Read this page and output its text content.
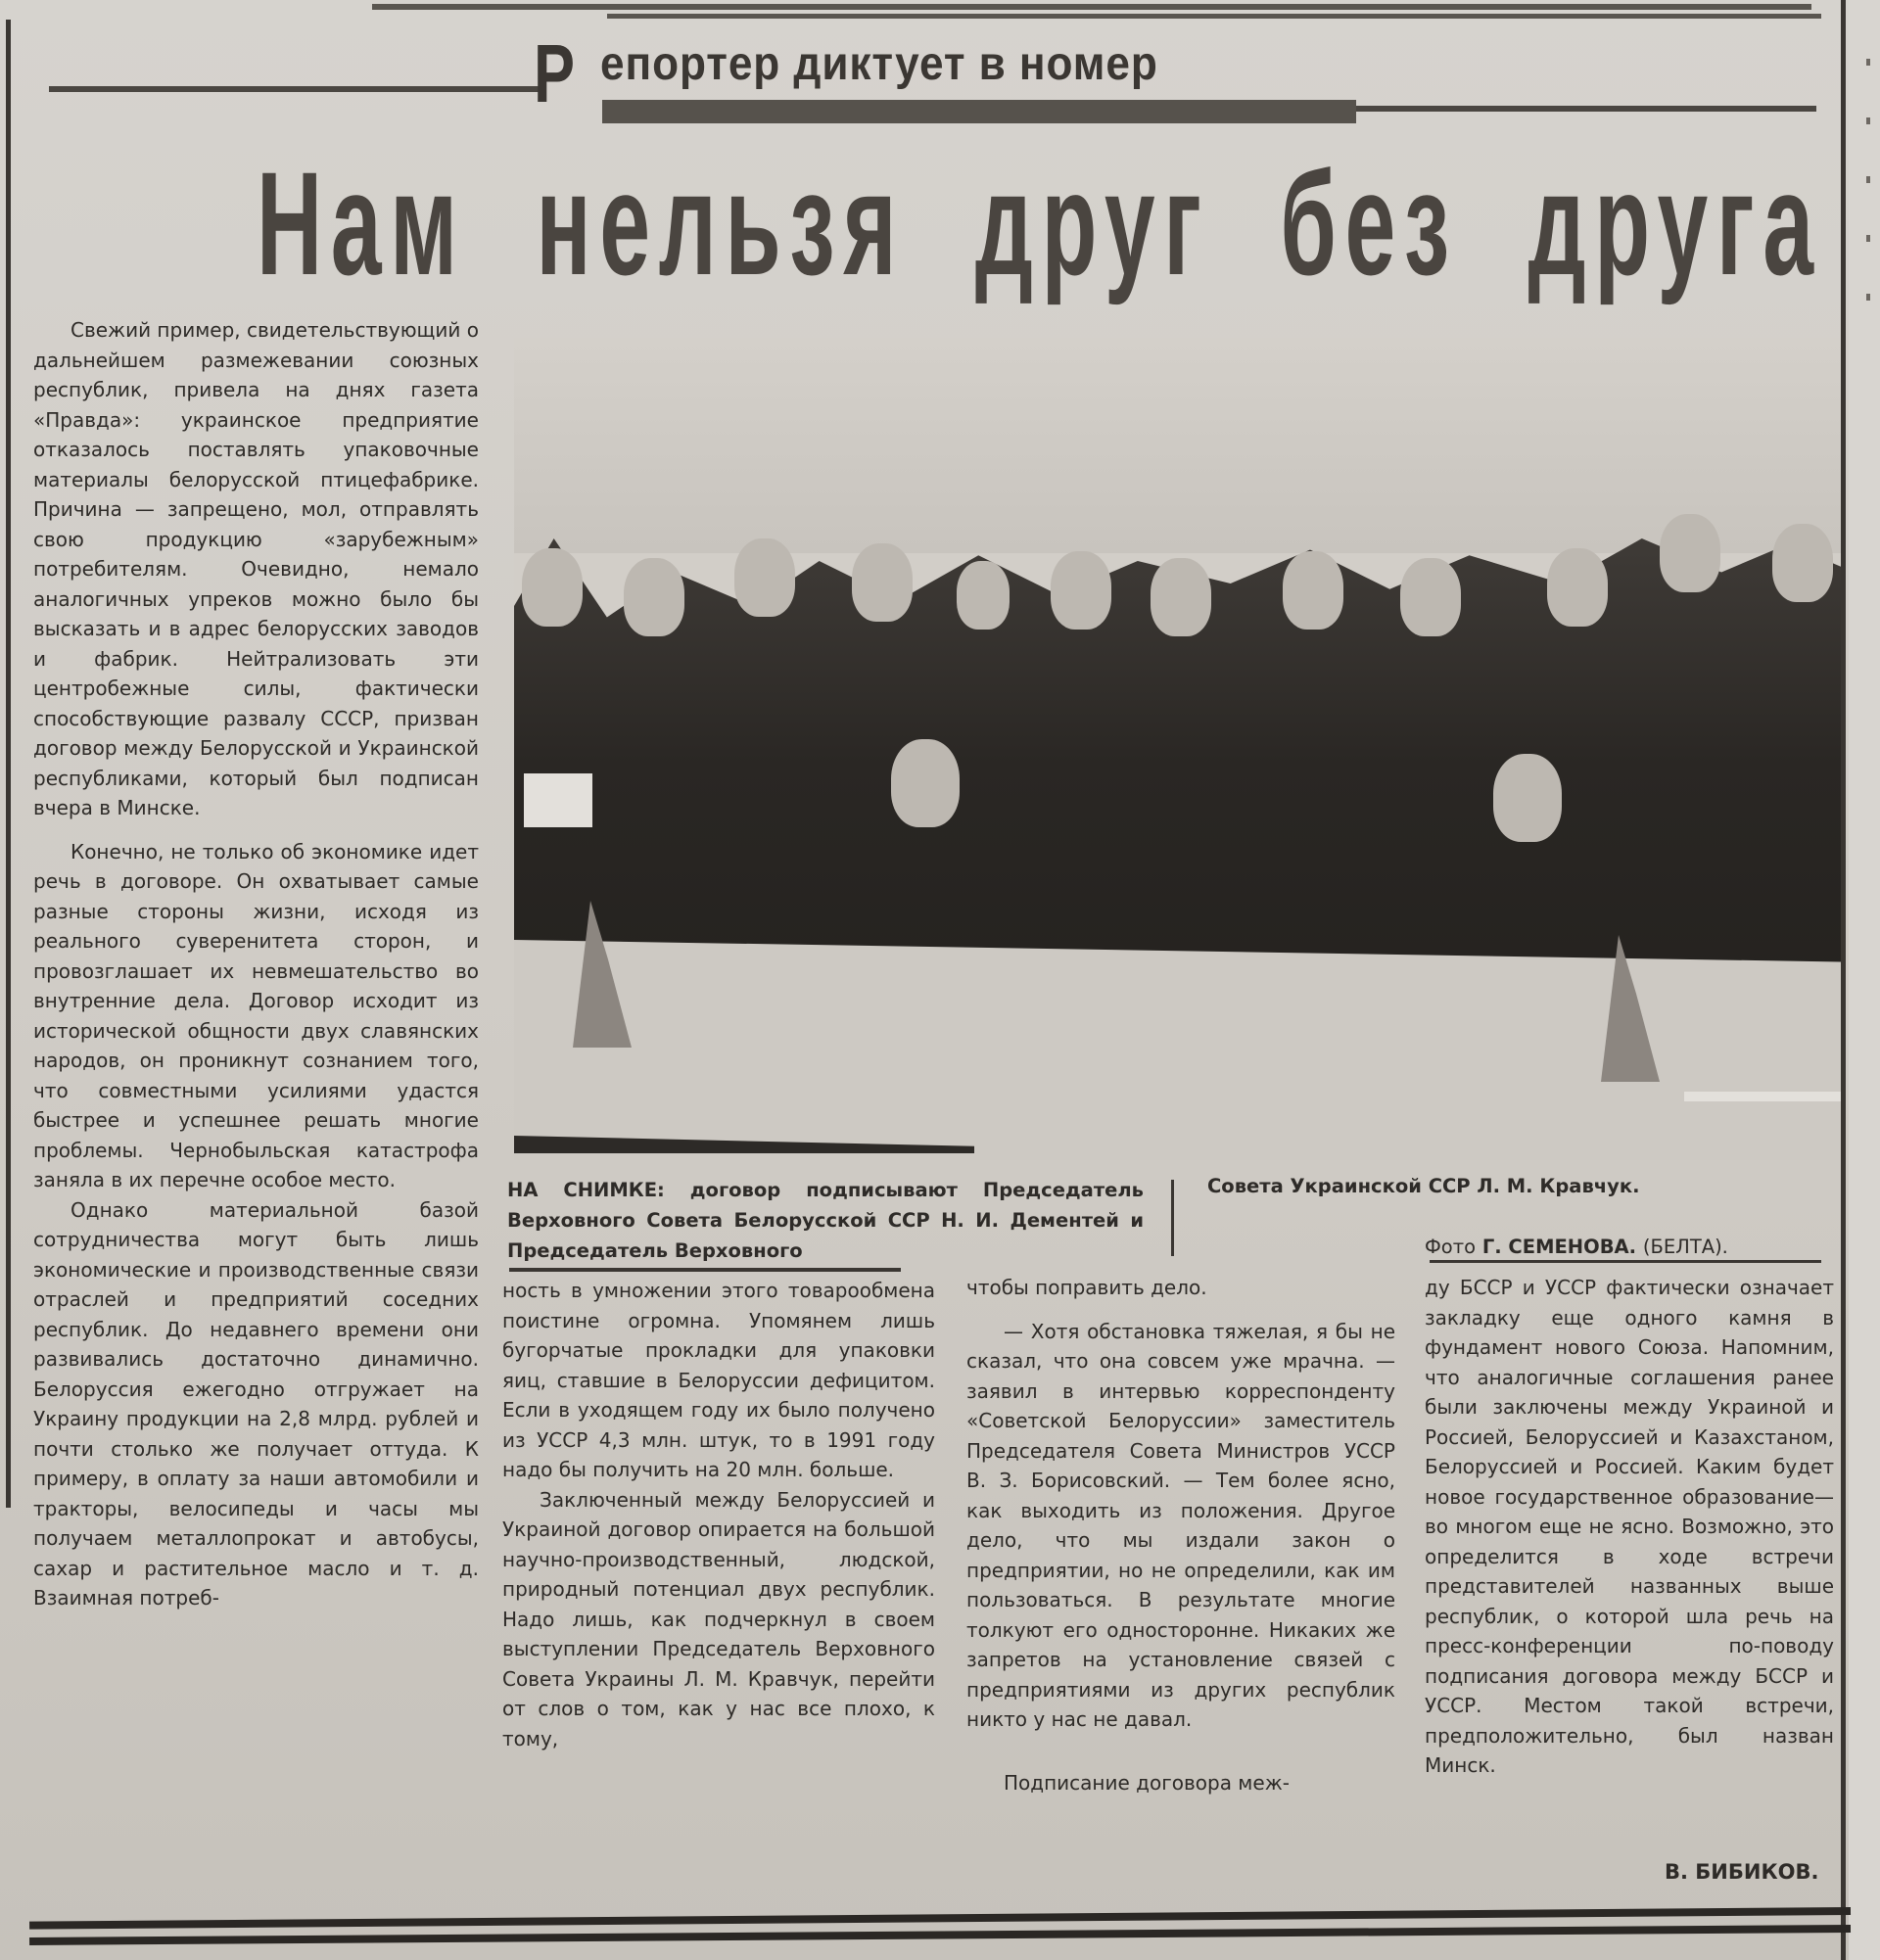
Р епортер диктует в номер
Нам нельзя друг без друга

Свежий пример, свидетельствующий о дальнейшем размежевании союзных республик, привела на днях газета «Правда»: украинское предприятие отказалось поставлять упаковочные материалы белорусской птицефабрике. Причина — запрещено, мол, отправлять свою продукцию «зарубежным» потребителям. Очевидно, немало аналогичных упреков можно было бы высказать и в адрес белорусских заводов и фабрик. Нейтрализовать эти центробежные силы, фактически способствующие развалу СССР, призван договор между Белорусской и Украинской республиками, который был подписан вчера в Минске.

Конечно, не только об экономике идет речь в договоре. Он охватывает самые разные стороны жизни, исходя из реального суверенитета сторон, и провозглашает их невмешательство во внутренние дела. Договор исходит из исторической общности двух славянских народов, он проникнут сознанием того, что совместными усилиями удастся быстрее и успешнее решать многие проблемы. Чернобыльская катастрофа заняла в их перечне особое место.

Однако материальной базой сотрудничества могут быть лишь экономические и производственные связи отраслей и предприятий соседних республик. До недавнего времени они развивались достаточно динамично. Белоруссия ежегодно отгружает на Украину продукции на 2,8 млрд. рублей и почти столько же получает оттуда. К примеру, в оплату за наши автомобили и тракторы, велосипеды и часы мы получаем металлопрокат и автобусы, сахар и растительное масло и т. д. Взаимная потреб-

НА СНИМКЕ: договор подписывают Председатель Верховного Совета Белорусской ССР Н. И. Дементей и Председатель Верховного
Совета Украинской ССР Л. М. Кравчук.
Фото Г. СЕМЕНОВА. (БЕЛТА).

ность в умножении этого товарообмена поистине огромна. Упомянем лишь бугорчатые прокладки для упаковки яиц, ставшие в Белоруссии дефицитом. Если в уходящем году их было получено из УССР 4,3 млн. штук, то в 1991 году надо бы получить на 20 млн. больше.

Заключенный между Белоруссией и Украиной договор опирается на большой научно-производственный, людской, природный потенциал двух республик. Надо лишь, как подчеркнул в своем выступлении Председатель Верховного Совета Украины Л. М. Кравчук, перейти от слов о том, как у нас все плохо, к тому,

чтобы поправить дело.

— Хотя обстановка тяжелая, я бы не сказал, что она совсем уже мрачна. — заявил в интервью корреспонденту «Советской Белоруссии» заместитель Председателя Совета Министров УССР В. З. Борисовский. — Тем более ясно, как выходить из положения. Другое дело, что мы издали закон о предприятии, но не определили, как им пользоваться. В результате многие толкуют его односторонне. Никаких же запретов на установление связей с предприятиями из других республик никто у нас не давал.

Подписание договора меж-

ду БССР и УССР фактически означает закладку еще одного камня в фундамент нового Союза. Напомним, что аналогичные соглашения ранее были заключены между Украиной и Россией, Белоруссией и Казахстаном, Белоруссией и Россией. Каким будет новое государственное образование—во многом еще не ясно. Возможно, это определится в ходе встречи представителей названных выше республик, о которой шла речь на пресс-конференции по-поводу подписания договора между БССР и УССР. Местом такой встречи, предположительно, был назван Минск.

В. БИБИКОВ.
